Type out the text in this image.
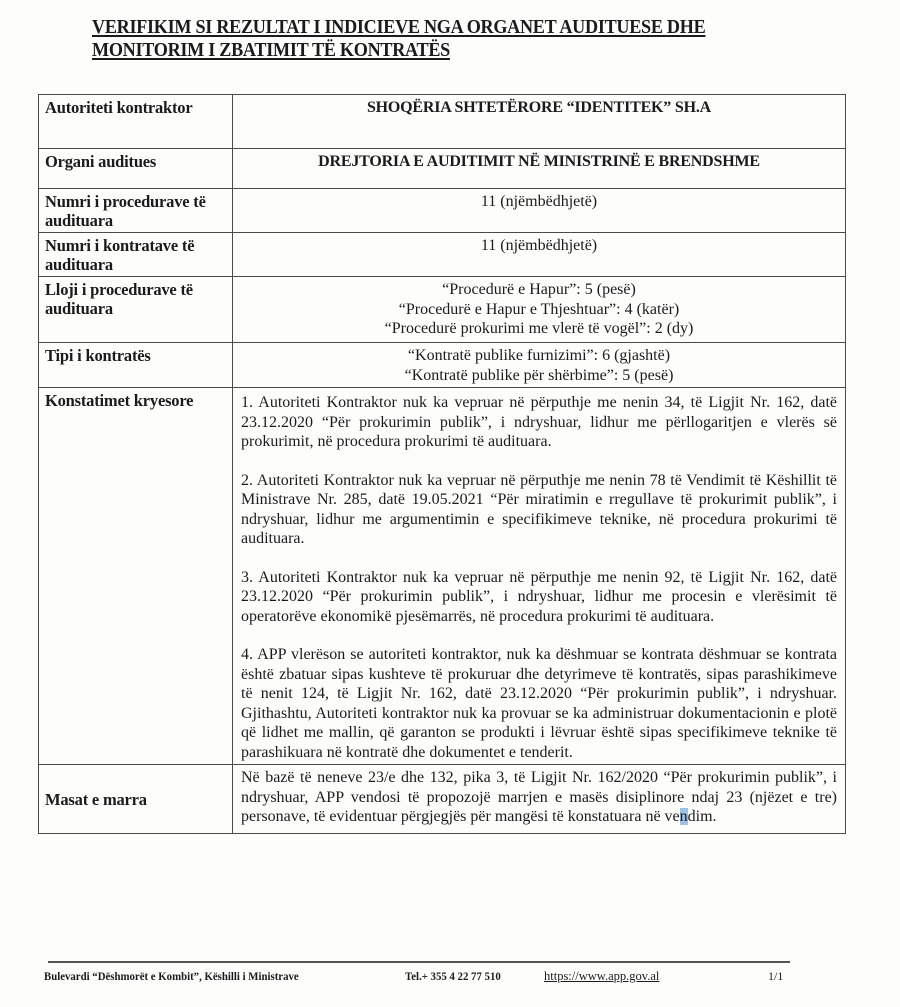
VERIFIKIM SI REZULTAT I INDICIEVE NGA ORGANET AUDITUESE DHE
MONITORIM I ZBATIMIT TË KONTRATËS
Autoriteti kontraktor	SHOQËRIA SHTETËRORE “IDENTITEK” SH.A
Organi auditues	DREJTORIA E AUDITIMIT NË MINISTRINË E BRENDSHME
Numri i procedurave të audituara	11 (njëmbëdhjetë)
Numri i kontratave të audituara	11 (njëmbëdhjetë)
Lloji i procedurave të audituara	“Procedurë e Hapur”: 5 (pesë)
“Procedurë e Hapur e Thjeshtuar”: 4 (katër)
“Procedurë prokurimi me vlerë të vogël”: 2 (dy)

Tipi i kontratës	“Kontratë publike furnizimi”: 6 (gjashtë)
“Kontratë publike për shërbime”: 5 (pesë)

Konstatimet kryesore	1. Autoriteti Kontraktor nuk ka vepruar në përputhje me nenin 34, të Ligjit Nr. 162, datë 23.12.2020 “Për prokurimin publik”, i ndryshuar, lidhur me përllogaritjen e vlerës së prokurimit, në procedura prokurimi të audituara.

2. Autoriteti Kontraktor nuk ka vepruar në përputhje me nenin 78 të Vendimit të Këshillit të Ministrave Nr. 285, datë 19.05.2021 “Për miratimin e rregullave të prokurimit publik”, i ndryshuar, lidhur me argumentimin e specifikimeve teknike, në procedura prokurimi të audituara.

3. Autoriteti Kontraktor nuk ka vepruar në përputhje me nenin 92, të Ligjit Nr. 162, datë 23.12.2020 “Për prokurimin publik”, i ndryshuar, lidhur me procesin e vlerësimit të operatorëve ekonomikë pjesëmarrës, në procedura prokurimi të audituara.

4. APP vlerëson se autoriteti kontraktor, nuk ka dëshmuar se kontrata dëshmuar se kontrata është zbatuar sipas kushteve të prokuruar dhe detyrimeve të kontratës, sipas parashikimeve të nenit 124, të Ligjit Nr. 162, datë 23.12.2020 “Për prokurimin publik”, i ndryshuar. Gjithashtu, Autoriteti kontraktor nuk ka provuar se ka administruar dokumentacionin e plotë që lidhet me mallin, që garanton se produkti i lëvruar është sipas specifikimeve teknike të parashikuara në kontratë dhe dokumentet e tenderit.

Masat e marra	Në bazë të neneve 23/e dhe 132, pika 3, të Ligjit Nr. 162/2020 “Për prokurimin publik”, i ndryshuar, APP vendosi të propozojë marrjen e masës disiplinore ndaj 23 (njëzet e tre) personave, të evidentuar përgjegjës për mangësi të konstatuara në vendim.
Bulevardi “Dëshmorët e Kombit”, Këshilli i Ministrave	Tel.+ 355 4 22 77 510	https://www.app.gov.al	1/1
